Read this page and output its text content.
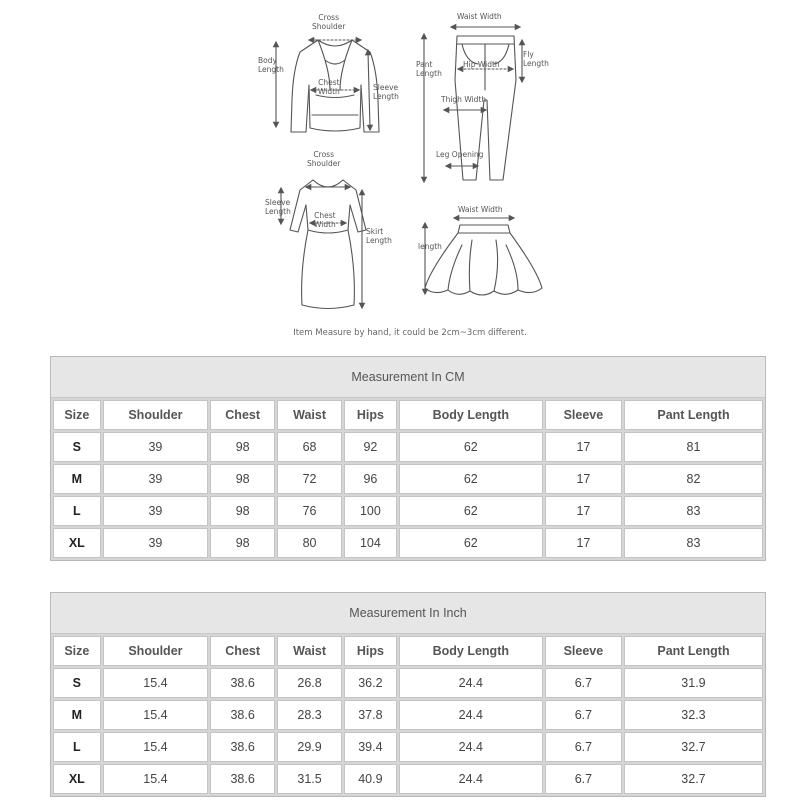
Cross
Shoulder
Body
Length
Chest
Width	Sleeve
Length
Waist Width
Pant
Length
Hip Width
Fly
Length
Thigh Width
Leg Opening
Cross
Shoulder
Sleeve
Length	Chest
Width
Skirt
Length
Waist Width
length
Item Measure by hand, it could be 2cm~3cm different.
Measurement In CM
Size	Shoulder	Chest	Waist	Hips	Body Length	Sleeve	Pant Length
S	39	98	68	92	62	17	81
M	39	98	72	96	62	17	82
L	39	98	76	100	62	17	83
XL	39	98	80	104	62	17	83
Measurement In Inch
Size	Shoulder	Chest	Waist	Hips	Body Length	Sleeve	Pant Length
S	15.4	38.6	26.8	36.2	24.4	6.7	31.9
M	15.4	38.6	28.3	37.8	24.4	6.7	32.3
L	15.4	38.6	29.9	39.4	24.4	6.7	32.7
XL	15.4	38.6	31.5	40.9	24.4	6.7	32.7
